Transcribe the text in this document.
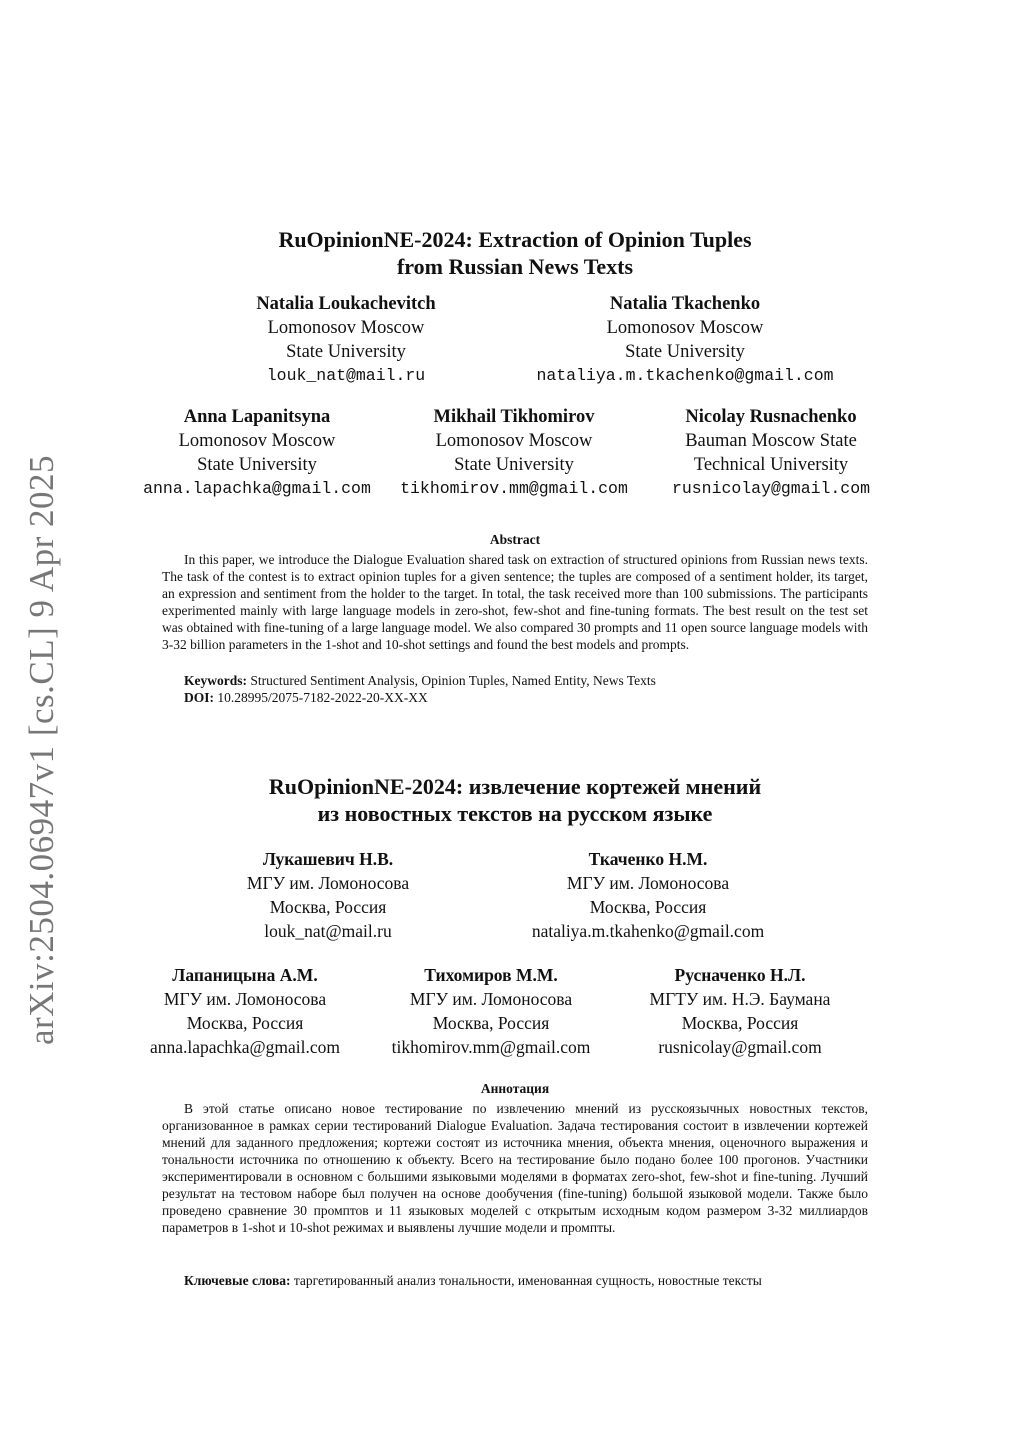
arXiv:2504.06947v1 [cs.CL] 9 Apr 2025
RuOpinionNE-2024: Extraction of Opinion Tuples
from Russian News Texts
Natalia Loukachevitch
Lomonosov Moscow
State University
louk_nat@mail.ru
Natalia Tkachenko
Lomonosov Moscow
State University
nataliya.m.tkachenko@gmail.com
Anna Lapanitsyna
Lomonosov Moscow
State University
anna.lapachka@gmail.com
Mikhail Tikhomirov
Lomonosov Moscow
State University
tikhomirov.mm@gmail.com
Nicolay Rusnachenko
Bauman Moscow State
Technical University
rusnicolay@gmail.com
Abstract
In this paper, we introduce the Dialogue Evaluation shared task on extraction of structured opinions from Russian news texts. The task of the contest is to extract opinion tuples for a given sentence; the tuples are composed of a sentiment holder, its target, an expression and sentiment from the holder to the target. In total, the task received more than 100 submissions. The participants experimented mainly with large language models in zero-shot, few-shot and fine-tuning formats. The best result on the test set was obtained with fine-tuning of a large language model. We also compared 30 prompts and 11 open source language models with 3-32 billion parameters in the 1-shot and 10-shot settings and found the best models and prompts.
Keywords: Structured Sentiment Analysis, Opinion Tuples, Named Entity, News Texts
DOI: 10.28995/2075-7182-2022-20-XX-XX
RuOpinionNE-2024: извлечение кортежей мнений
из новостных текстов на русском языке
Лукашевич Н.В.
МГУ им. Ломоносова
Москва, Россия
louk_nat@mail.ru
Ткаченко Н.М.
МГУ им. Ломоносова
Москва, Россия
nataliya.m.tkahenko@gmail.com
Лапаницына А.М.
МГУ им. Ломоносова
Москва, Россия
anna.lapachka@gmail.com
Тихомиров М.М.
МГУ им. Ломоносова
Москва, Россия
tikhomirov.mm@gmail.com
Русначенко Н.Л.
МГТУ им. Н.Э. Баумана
Москва, Россия
rusnicolay@gmail.com
Аннотация
В этой статье описано новое тестирование по извлечению мнений из русскоязычных новостных текстов, организованное в рамках серии тестирований Dialogue Evaluation. Задача тестирования состоит в извлечении кортежей мнений для заданного предложения; кортежи состоят из источника мнения, объекта мнения, оценочного выражения и тональности источника по отношению к объекту. Всего на тестирование было подано более 100 прогонов. Участники экспериментировали в основном с большими языковыми моделями в форматах zero-shot, few-shot и fine-tuning. Лучший результат на тестовом наборе был получен на основе дообучения (fine-tuning) большой языковой модели. Также было проведено сравнение 30 промптов и 11 языковых моделей с открытым исходным кодом размером 3-32 миллиардов параметров в 1-shot и 10-shot режимах и выявлены лучшие модели и промпты.
Ключевые слова: таргетированный анализ тональности, именованная сущность, новостные тексты
